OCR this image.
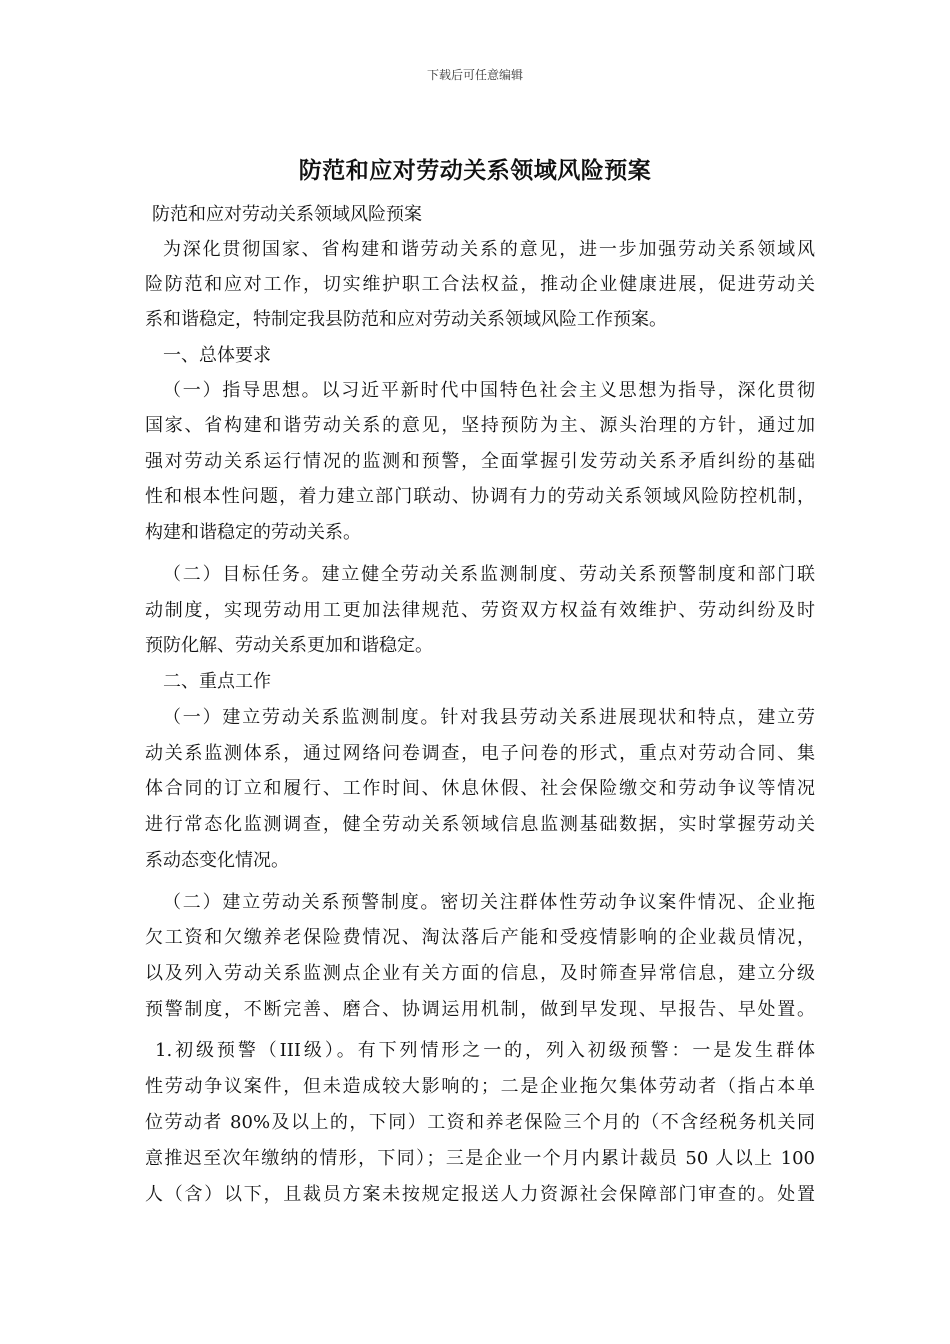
下载后可任意编辑
防范和应对劳动关系领域风险预案
防范和应对劳动关系领域风险预案
为深化贯彻国家、省构建和谐劳动关系的意见，进一步加强劳动关系领域风
险防范和应对工作，切实维护职工合法权益，推动企业健康进展，促进劳动关
系和谐稳定，特制定我县防范和应对劳动关系领域风险工作预案。
一、总体要求
（一）指导思想。以习近平新时代中国特色社会主义思想为指导，深化贯彻
国家、省构建和谐劳动关系的意见，坚持预防为主、源头治理的方针，通过加
强对劳动关系运行情况的监测和预警，全面掌握引发劳动关系矛盾纠纷的基础
性和根本性问题，着力建立部门联动、协调有力的劳动关系领域风险防控机制，
构建和谐稳定的劳动关系。
（二）目标任务。建立健全劳动关系监测制度、劳动关系预警制度和部门联
动制度，实现劳动用工更加法律规范、劳资双方权益有效维护、劳动纠纷及时
预防化解、劳动关系更加和谐稳定。
二、重点工作
（一）建立劳动关系监测制度。针对我县劳动关系进展现状和特点，建立劳
动关系监测体系，通过网络问卷调查，电子问卷的形式，重点对劳动合同、集
体合同的订立和履行、工作时间、休息休假、社会保险缴交和劳动争议等情况
进行常态化监测调查，健全劳动关系领域信息监测基础数据，实时掌握劳动关
系动态变化情况。
（二）建立劳动关系预警制度。密切关注群体性劳动争议案件情况、企业拖
欠工资和欠缴养老保险费情况、淘汰落后产能和受疫情影响的企业裁员情况，
以及列入劳动关系监测点企业有关方面的信息，及时筛查异常信息，建立分级
预警制度，不断完善、磨合、协调运用机制，做到早发现、早报告、早处置。
1.初级预警（III级）。有下列情形之一的，列入初级预警：一是发生群体
性劳动争议案件，但未造成较大影响的；二是企业拖欠集体劳动者（指占本单
位劳动者 80%及以上的，下同）工资和养老保险三个月的（不含经税务机关同
意推迟至次年缴纳的情形，下同）；三是企业一个月内累计裁员 50 人以上 100
人（含）以下，且裁员方案未按规定报送人力资源社会保障部门审查的。处置
